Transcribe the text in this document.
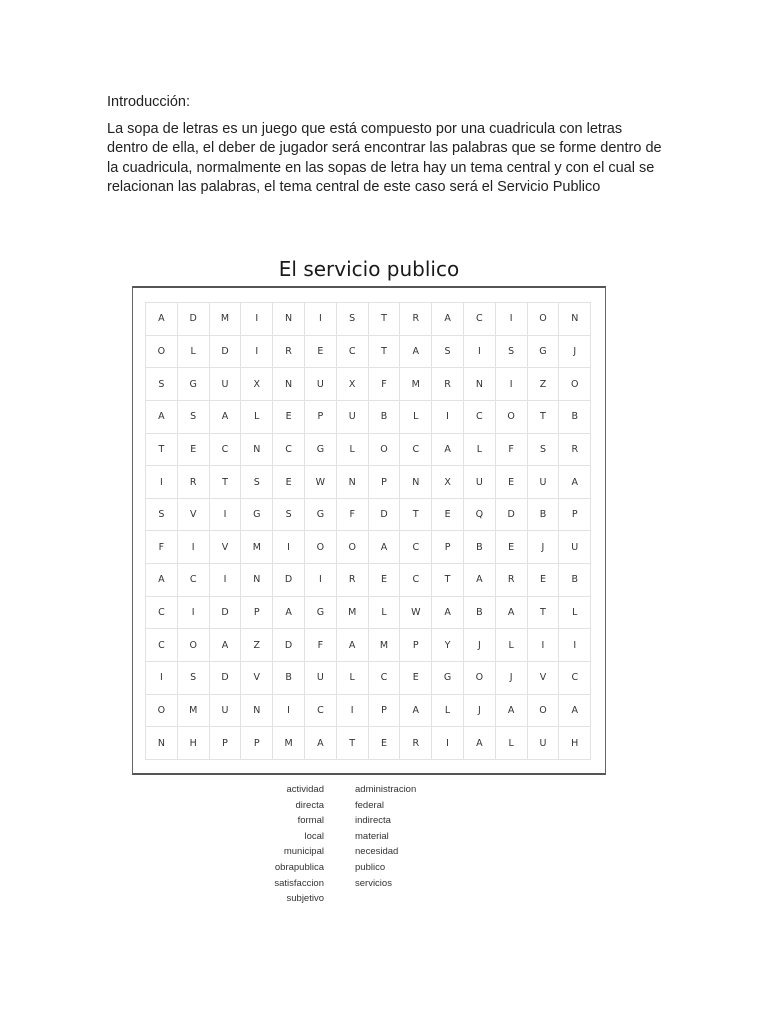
Introducción:
La sopa de letras es un juego que está compuesto por una cuadricula con letras dentro de ella, el deber de jugador será encontrar las palabras que se forme dentro de la cuadricula, normalmente en las sopas de letra hay un tema central y con el cual se relacionan las palabras, el tema central de este caso será el Servicio Publico
El servicio publico
A	D	M	I	N	I	S	T	R	A	C	I	O	N
O	L	D	I	R	E	C	T	A	S	I	S	G	J
S	G	U	X	N	U	X	F	M	R	N	I	Z	O
A	S	A	L	E	P	U	B	L	I	C	O	T	B
T	E	C	N	C	G	L	O	C	A	L	F	S	R
I	R	T	S	E	W	N	P	N	X	U	E	U	A
S	V	I	G	S	G	F	D	T	E	Q	D	B	P
F	I	V	M	I	O	O	A	C	P	B	E	J	U
A	C	I	N	D	I	R	E	C	T	A	R	E	B
C	I	D	P	A	G	M	L	W	A	B	A	T	L
C	O	A	Z	D	F	A	M	P	Y	J	L	I	I
I	S	D	V	B	U	L	C	E	G	O	J	V	C
O	M	U	N	I	C	I	P	A	L	J	A	O	A
N	H	P	P	M	A	T	E	R	I	A	L	U	H
actividad
directa
formal
local
municipal
obrapublica
satisfaccion
subjetivo
administracion
federal
indirecta
material
necesidad
publico
servicios
